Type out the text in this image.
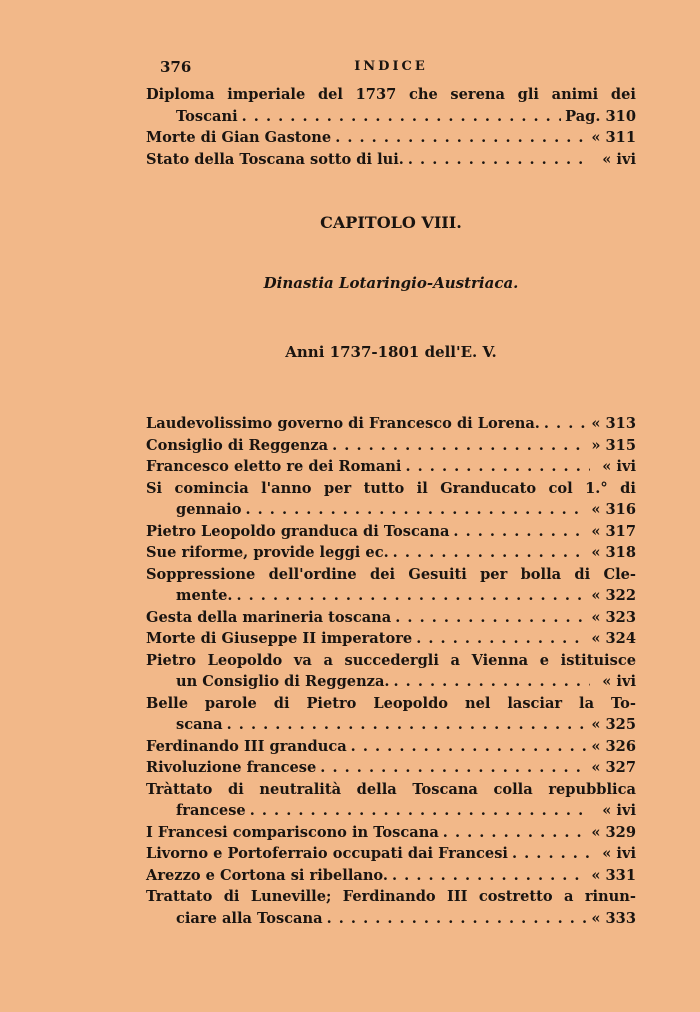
376	INDICE
Diploma imperiale del 1737 che serena gli animi dei
Toscani . . .	Pag. 310
Morte di Gian Gastone . . .	« 311
Stato della Toscana sotto di lui. . . .	« ivi
CAPITOLO VIII.
Dinastia Lotaringio-Austriaca.
Anni 1737-1801 dell'E. V.
Laudevolissimo governo di Francesco di Lorena. . . .	« 313
Consiglio di Reggenza . . .	» 315
Francesco eletto re dei Romani . . .	« ivi
Si comincia l'anno per tutto il Granducato col 1.° di
gennaio . . .	« 316
Pietro Leopoldo granduca di Toscana . . .	« 317
Sue riforme, provide leggi ec. . . .	« 318
Soppressione dell'ordine dei Gesuiti per bolla di Cle-
mente. . . .	« 322
Gesta della marineria toscana . . .	« 323
Morte di Giuseppe II imperatore . . .	« 324
Pietro Leopoldo va a succedergli a Vienna e istituisce
un Consiglio di Reggenza. . . .	« ivi
Belle parole di Pietro Leopoldo nel lasciar la To-
scana . . .	« 325
Ferdinando III granduca . . .	« 326
Rivoluzione francese . . .	« 327
Tràttato di neutralità della Toscana colla repubblica
francese . . .	« ivi
I Francesi compariscono in Toscana . . .	« 329
Livorno e Portoferraio occupati dai Francesi . . .	« ivi
Arezzo e Cortona si ribellano. . . .	« 331
Trattato di Luneville; Ferdinando III costretto a rinun-
ciare alla Toscana . . .	« 333
